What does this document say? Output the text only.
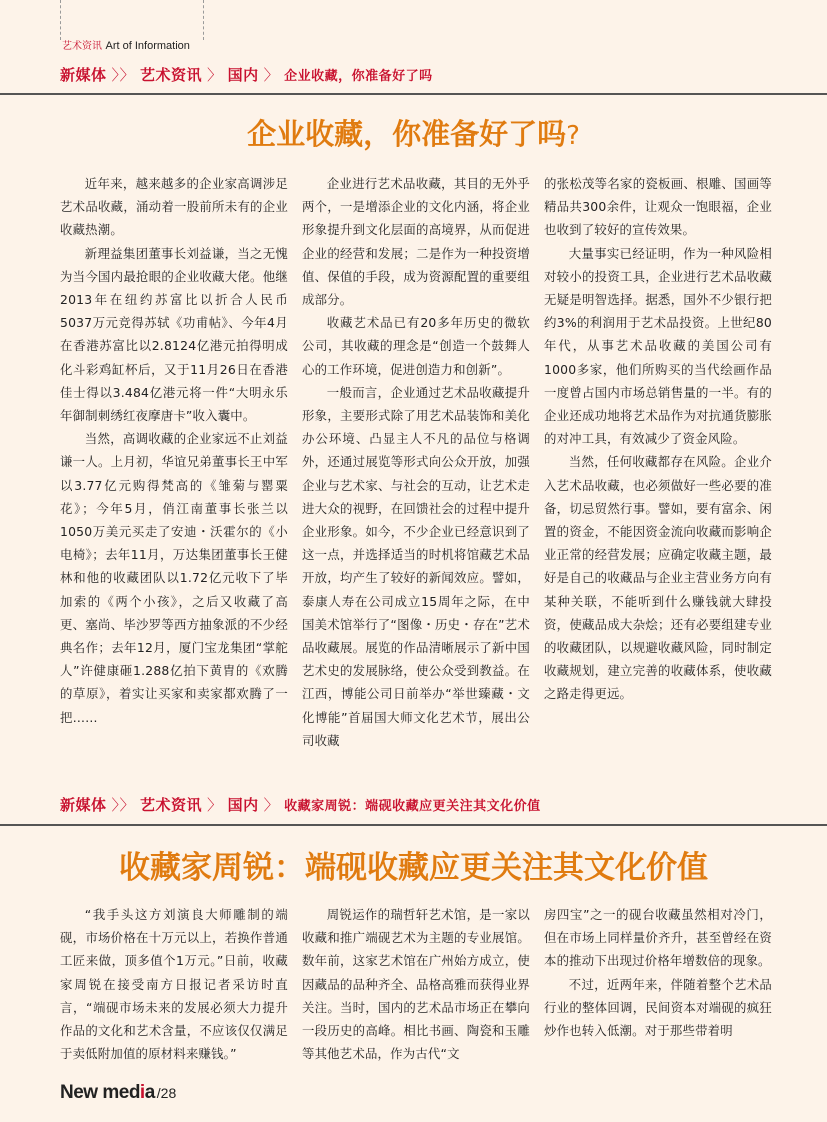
艺术资讯 Art of Information
新媒体 〉〉 艺术资讯 〉 国内 〉 企业收藏，你准备好了吗
企业收藏，你准备好了吗?

近年来，越来越多的企业家高调涉足艺术品收藏，涌动着一股前所未有的企业收藏热潮。

新理益集团董事长刘益谦，当之无愧为当今国内最抢眼的企业收藏大佬。他继2013年在纽约苏富比以折合人民币5037万元竞得苏轼《功甫帖》、今年4月在香港苏富比以2.8124亿港元拍得明成化斗彩鸡缸杯后，又于11月26日在香港佳士得以3.484亿港元将一件“大明永乐年御制刺绣红夜摩唐卡”收入囊中。

当然，高调收藏的企业家远不止刘益谦一人。上月初，华谊兄弟董事长王中军以3.77亿元购得梵高的《雏菊与罂粟花》；今年5月，俏江南董事长张兰以1050万美元买走了安迪・沃霍尔的《小电椅》；去年11月，万达集团董事长王健林和他的收藏团队以1.72亿元收下了毕加索的《两个小孩》，之后又收藏了高更、塞尚、毕沙罗等西方抽象派的不少经典名作；去年12月，厦门宝龙集团“掌舵人”许健康砸1.288亿拍下黄胄的《欢腾的草原》，着实让买家和卖家都欢腾了一把……

企业进行艺术品收藏，其目的无外乎两个，一是增添企业的文化内涵，将企业形象提升到文化层面的高境界，从而促进企业的经营和发展；二是作为一种投资增值、保值的手段，成为资源配置的重要组成部分。

收藏艺术品已有20多年历史的微软公司，其收藏的理念是“创造一个鼓舞人心的工作环境，促进创造力和创新”。

一般而言，企业通过艺术品收藏提升形象，主要形式除了用艺术品装饰和美化办公环境、凸显主人不凡的品位与格调外，还通过展览等形式向公众开放，加强企业与艺术家、与社会的互动，让艺术走进大众的视野，在回馈社会的过程中提升企业形象。如今，不少企业已经意识到了这一点，并选择适当的时机将馆藏艺术品开放，均产生了较好的新闻效应。譬如，泰康人寿在公司成立15周年之际，在中国美术馆举行了“图像・历史・存在”艺术品收藏展。展览的作品清晰展示了新中国艺术史的发展脉络，使公众受到教益。在江西，博能公司日前举办“举世臻藏・文化博能”首届国大师文化艺术节，展出公司收藏

的张松茂等名家的瓷板画、根雕、国画等精品共300余件，让观众一饱眼福，企业也收到了较好的宣传效果。

大量事实已经证明，作为一种风险相对较小的投资工具，企业进行艺术品收藏无疑是明智选择。据悉，国外不少银行把约3%的利润用于艺术品投资。上世纪80年代，从事艺术品收藏的美国公司有1000多家，他们所购买的当代绘画作品一度曾占国内市场总销售量的一半。有的企业还成功地将艺术品作为对抗通货膨胀的对冲工具，有效减少了资金风险。

当然，任何收藏都存在风险。企业介入艺术品收藏，也必须做好一些必要的准备，切忌贸然行事。譬如，要有富余、闲置的资金，不能因资金流向收藏而影响企业正常的经营发展；应确定收藏主题，最好是自己的收藏品与企业主营业务方向有某种关联，不能听到什么赚钱就大肆投资，使藏品成大杂烩；还有必要组建专业的收藏团队，以规避收藏风险，同时制定收藏规划，建立完善的收藏体系，使收藏之路走得更远。

新媒体 〉〉 艺术资讯 〉 国内 〉 收藏家周锐：端砚收藏应更关注其文化价值
收藏家周锐：端砚收藏应更关注其文化价值

“我手头这方刘演良大师雕制的端砚，市场价格在十万元以上，若换作普通工匠来做，顶多值个1万元。”日前，收藏家周锐在接受南方日报记者采访时直言，“端砚市场未来的发展必须大力提升作品的文化和艺术含量，不应该仅仅满足于卖低附加值的原材料来赚钱。”

周锐运作的瑞哲轩艺术馆，是一家以收藏和推广端砚艺术为主题的专业展馆。数年前，这家艺术馆在广州始方成立，使因藏品的品种齐全、品格高雅而获得业界关注。当时，国内的艺术品市场正在攀向一段历史的高峰。相比书画、陶瓷和玉雕等其他艺术品，作为古代“文

房四宝”之一的砚台收藏虽然相对冷门，但在市场上同样量价齐升，甚至曾经在资本的推动下出现过价格年增数倍的现象。

不过，近两年来，伴随着整个艺术品行业的整体回调，民间资本对端砚的疯狂炒作也转入低潮。对于那些带着明

New media /28
